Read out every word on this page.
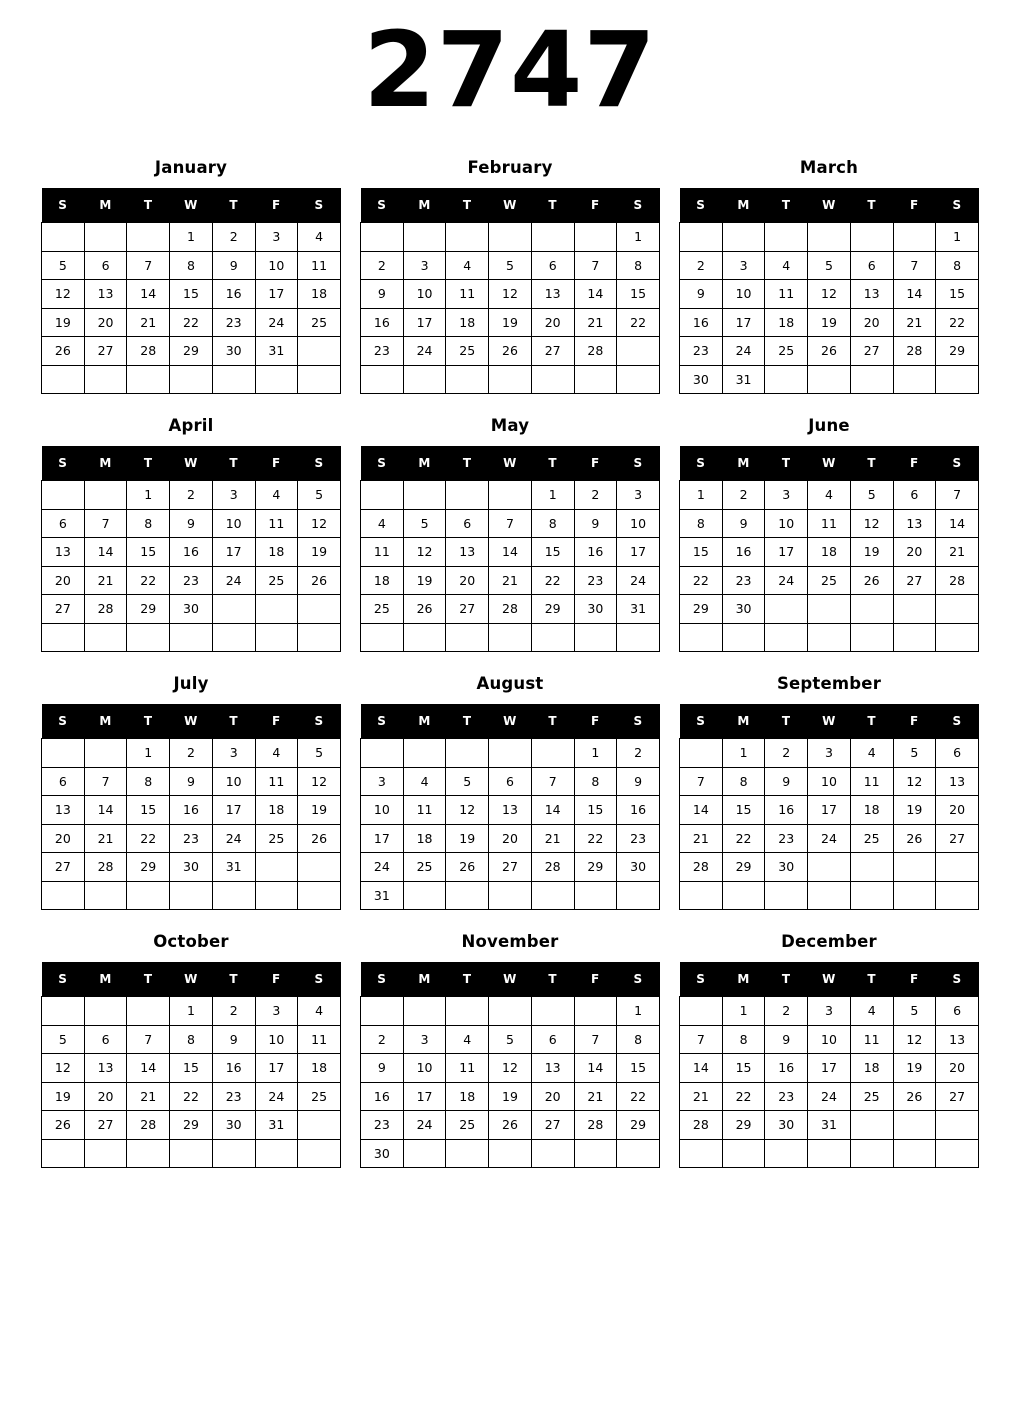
2747
January
S	M	T	W	T	F	S
			1	2	3	4
5	6	7	8	9	10	11
12	13	14	15	16	17	18
19	20	21	22	23	24	25
26	27	28	29	30	31	

February
S	M	T	W	T	F	S
						1
2	3	4	5	6	7	8
9	10	11	12	13	14	15
16	17	18	19	20	21	22
23	24	25	26	27	28	

March
S	M	T	W	T	F	S
						1
2	3	4	5	6	7	8
9	10	11	12	13	14	15
16	17	18	19	20	21	22
23	24	25	26	27	28	29
30	31					
April
S	M	T	W	T	F	S
		1	2	3	4	5
6	7	8	9	10	11	12
13	14	15	16	17	18	19
20	21	22	23	24	25	26
27	28	29	30			

May
S	M	T	W	T	F	S
				1	2	3
4	5	6	7	8	9	10
11	12	13	14	15	16	17
18	19	20	21	22	23	24
25	26	27	28	29	30	31

June
S	M	T	W	T	F	S
1	2	3	4	5	6	7
8	9	10	11	12	13	14
15	16	17	18	19	20	21
22	23	24	25	26	27	28
29	30					

July
S	M	T	W	T	F	S
		1	2	3	4	5
6	7	8	9	10	11	12
13	14	15	16	17	18	19
20	21	22	23	24	25	26
27	28	29	30	31		

August
S	M	T	W	T	F	S
					1	2
3	4	5	6	7	8	9
10	11	12	13	14	15	16
17	18	19	20	21	22	23
24	25	26	27	28	29	30
31						
September
S	M	T	W	T	F	S
	1	2	3	4	5	6
7	8	9	10	11	12	13
14	15	16	17	18	19	20
21	22	23	24	25	26	27
28	29	30				

October
S	M	T	W	T	F	S
			1	2	3	4
5	6	7	8	9	10	11
12	13	14	15	16	17	18
19	20	21	22	23	24	25
26	27	28	29	30	31	

November
S	M	T	W	T	F	S
						1
2	3	4	5	6	7	8
9	10	11	12	13	14	15
16	17	18	19	20	21	22
23	24	25	26	27	28	29
30						
December
S	M	T	W	T	F	S
	1	2	3	4	5	6
7	8	9	10	11	12	13
14	15	16	17	18	19	20
21	22	23	24	25	26	27
28	29	30	31			
